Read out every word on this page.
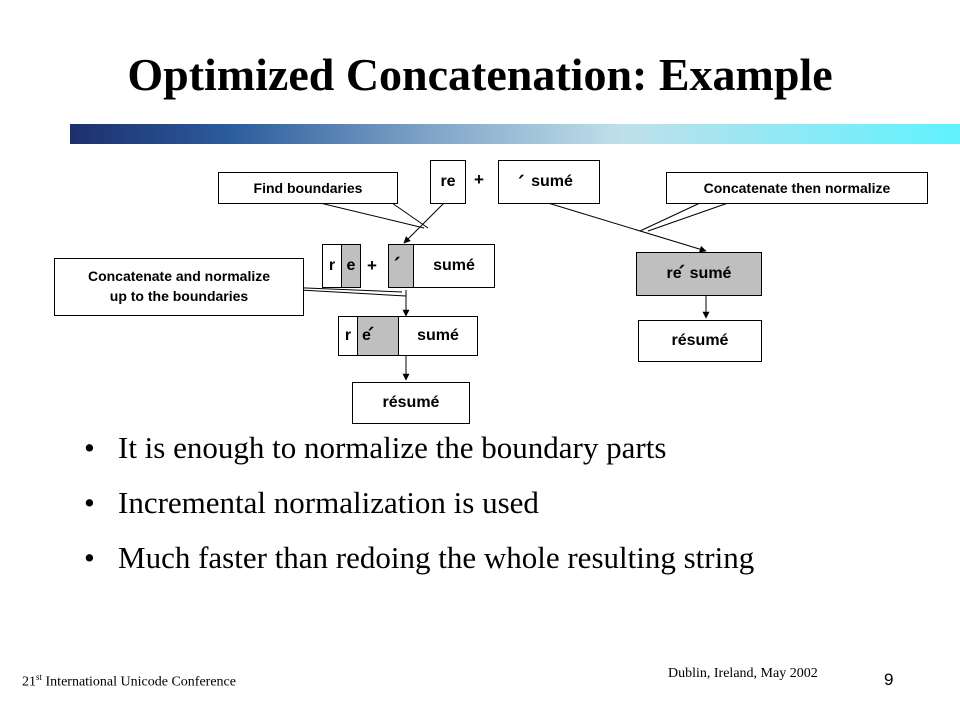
Optimized Concatenation: Example
re +	sumé
Find boundaries	Concatenate then normalize
r e +	sumé
Concatenate and normalize
up to the boundaries
r e	sumé
résumé
re sumé
résumé
• It is enough to normalize the boundary parts
• Incremental normalization is used
• Much faster than redoing the whole resulting string
21st International Unicode Conference
Dublin, Ireland, May 2002	9
